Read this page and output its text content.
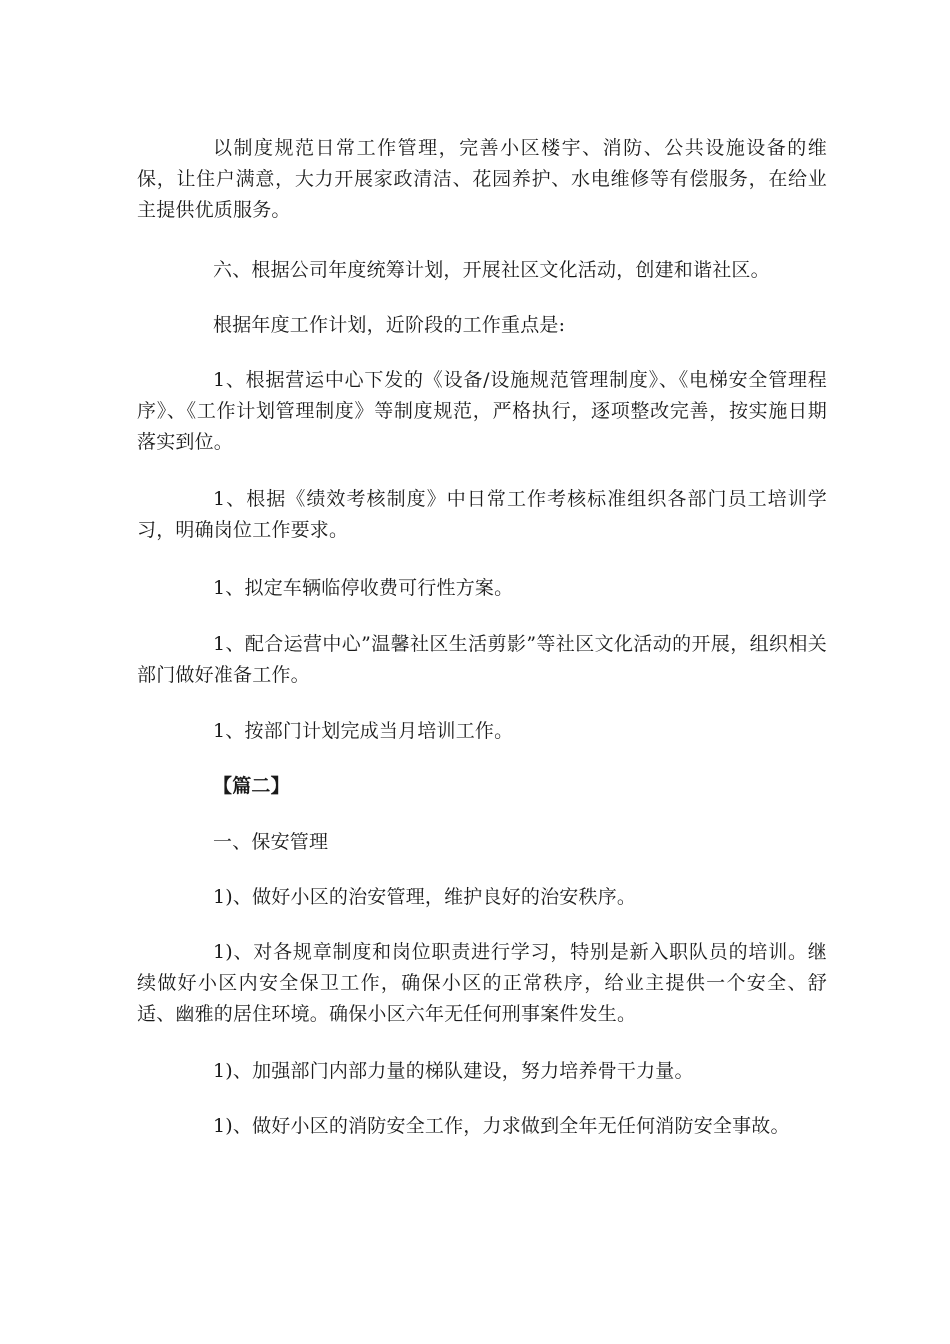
以制度规范日常工作管理，完善小区楼宇、消防、公共设施设备的维保，让住户满意，大力开展家政清洁、花园养护、水电维修等有偿服务，在给业主提供优质服务。

六、根据公司年度统筹计划，开展社区文化活动，创建和谐社区。

根据年度工作计划，近阶段的工作重点是:

1、根据营运中心下发的《设备/设施规范管理制度》、《电梯安全管理程序》、《工作计划管理制度》等制度规范，严格执行，逐项整改完善，按实施日期落实到位。

1、根据《绩效考核制度》中日常工作考核标准组织各部门员工培训学习，明确岗位工作要求。

1、拟定车辆临停收费可行性方案。

1、配合运营中心”温馨社区生活剪影”等社区文化活动的开展，组织相关部门做好准备工作。

1、按部门计划完成当月培训工作。

【篇二】

一、保安管理

1)、做好小区的治安管理，维护良好的治安秩序。

1)、对各规章制度和岗位职责进行学习，特别是新入职队员的培训。继续做好小区内安全保卫工作，确保小区的正常秩序，给业主提供一个安全、舒适、幽雅的居住环境。确保小区六年无任何刑事案件发生。

1)、加强部门内部力量的梯队建设，努力培养骨干力量。

1)、做好小区的消防安全工作，力求做到全年无任何消防安全事故。
